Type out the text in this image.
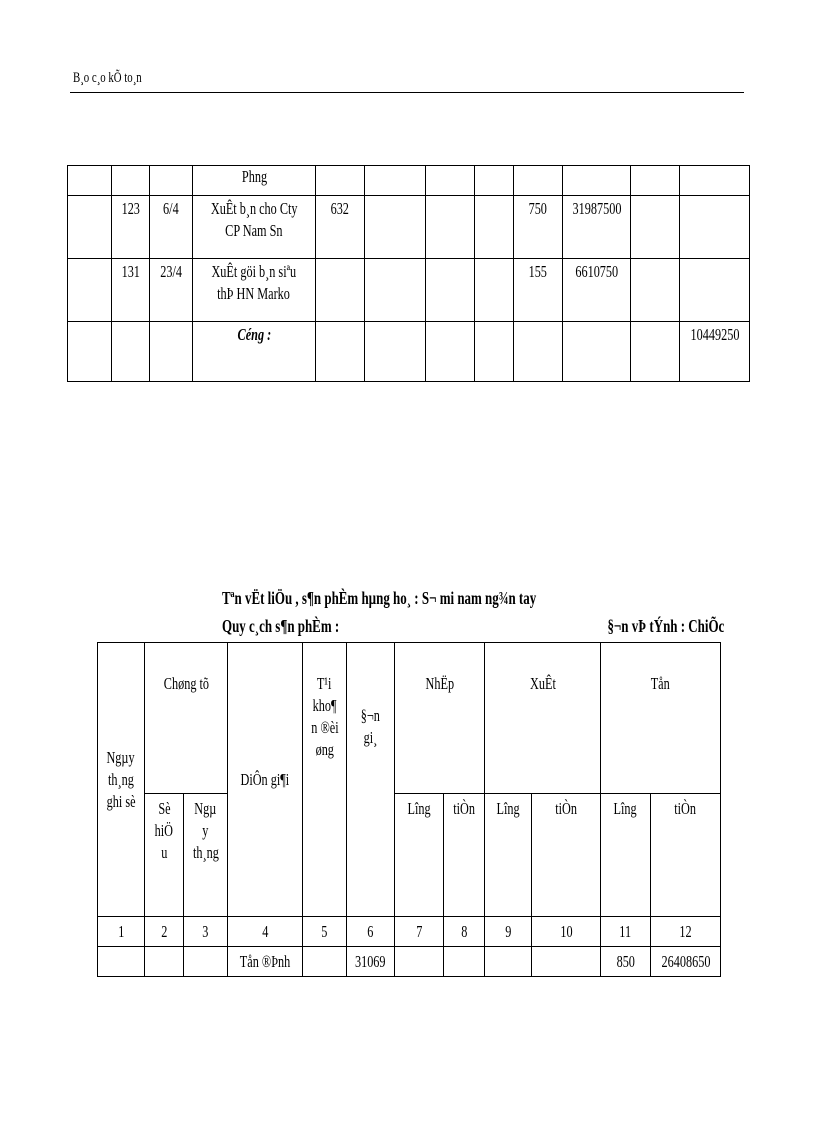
B¸o c¸o kÕ to¸n
			Phng								
	123	6/4	XuÊt b¸n cho Cty
CP Nam Sn	632				750	31987500		
	131	23/4	XuÊt göi b¸n siªu
thÞ HN Marko					155	6610750		
			Céng :								10449250
Tªn vËt liÖu , s¶n phÈm hµng ho¸ : S¬ mi nam ng¾n tay
Quy c¸ch s¶n phÈm :	§¬n vÞ tÝnh : ChiÕc
Ngµy
th¸ng
ghi sè	Chøng tõ		DiÔn gi¶i	T¹i
kho¶
n ®èi
øng	§¬n
gi¸	NhËp		XuÊt		Tån	
	Sè
hiÖ
u	Ngµ
y
th¸ng				Lîng	tiÒn	Lîng	tiÒn	Lîng	tiÒn
1	2	3	4	5	6	7	8	9	10	11	12
			Tån ®Þnh		31069					850	26408650
